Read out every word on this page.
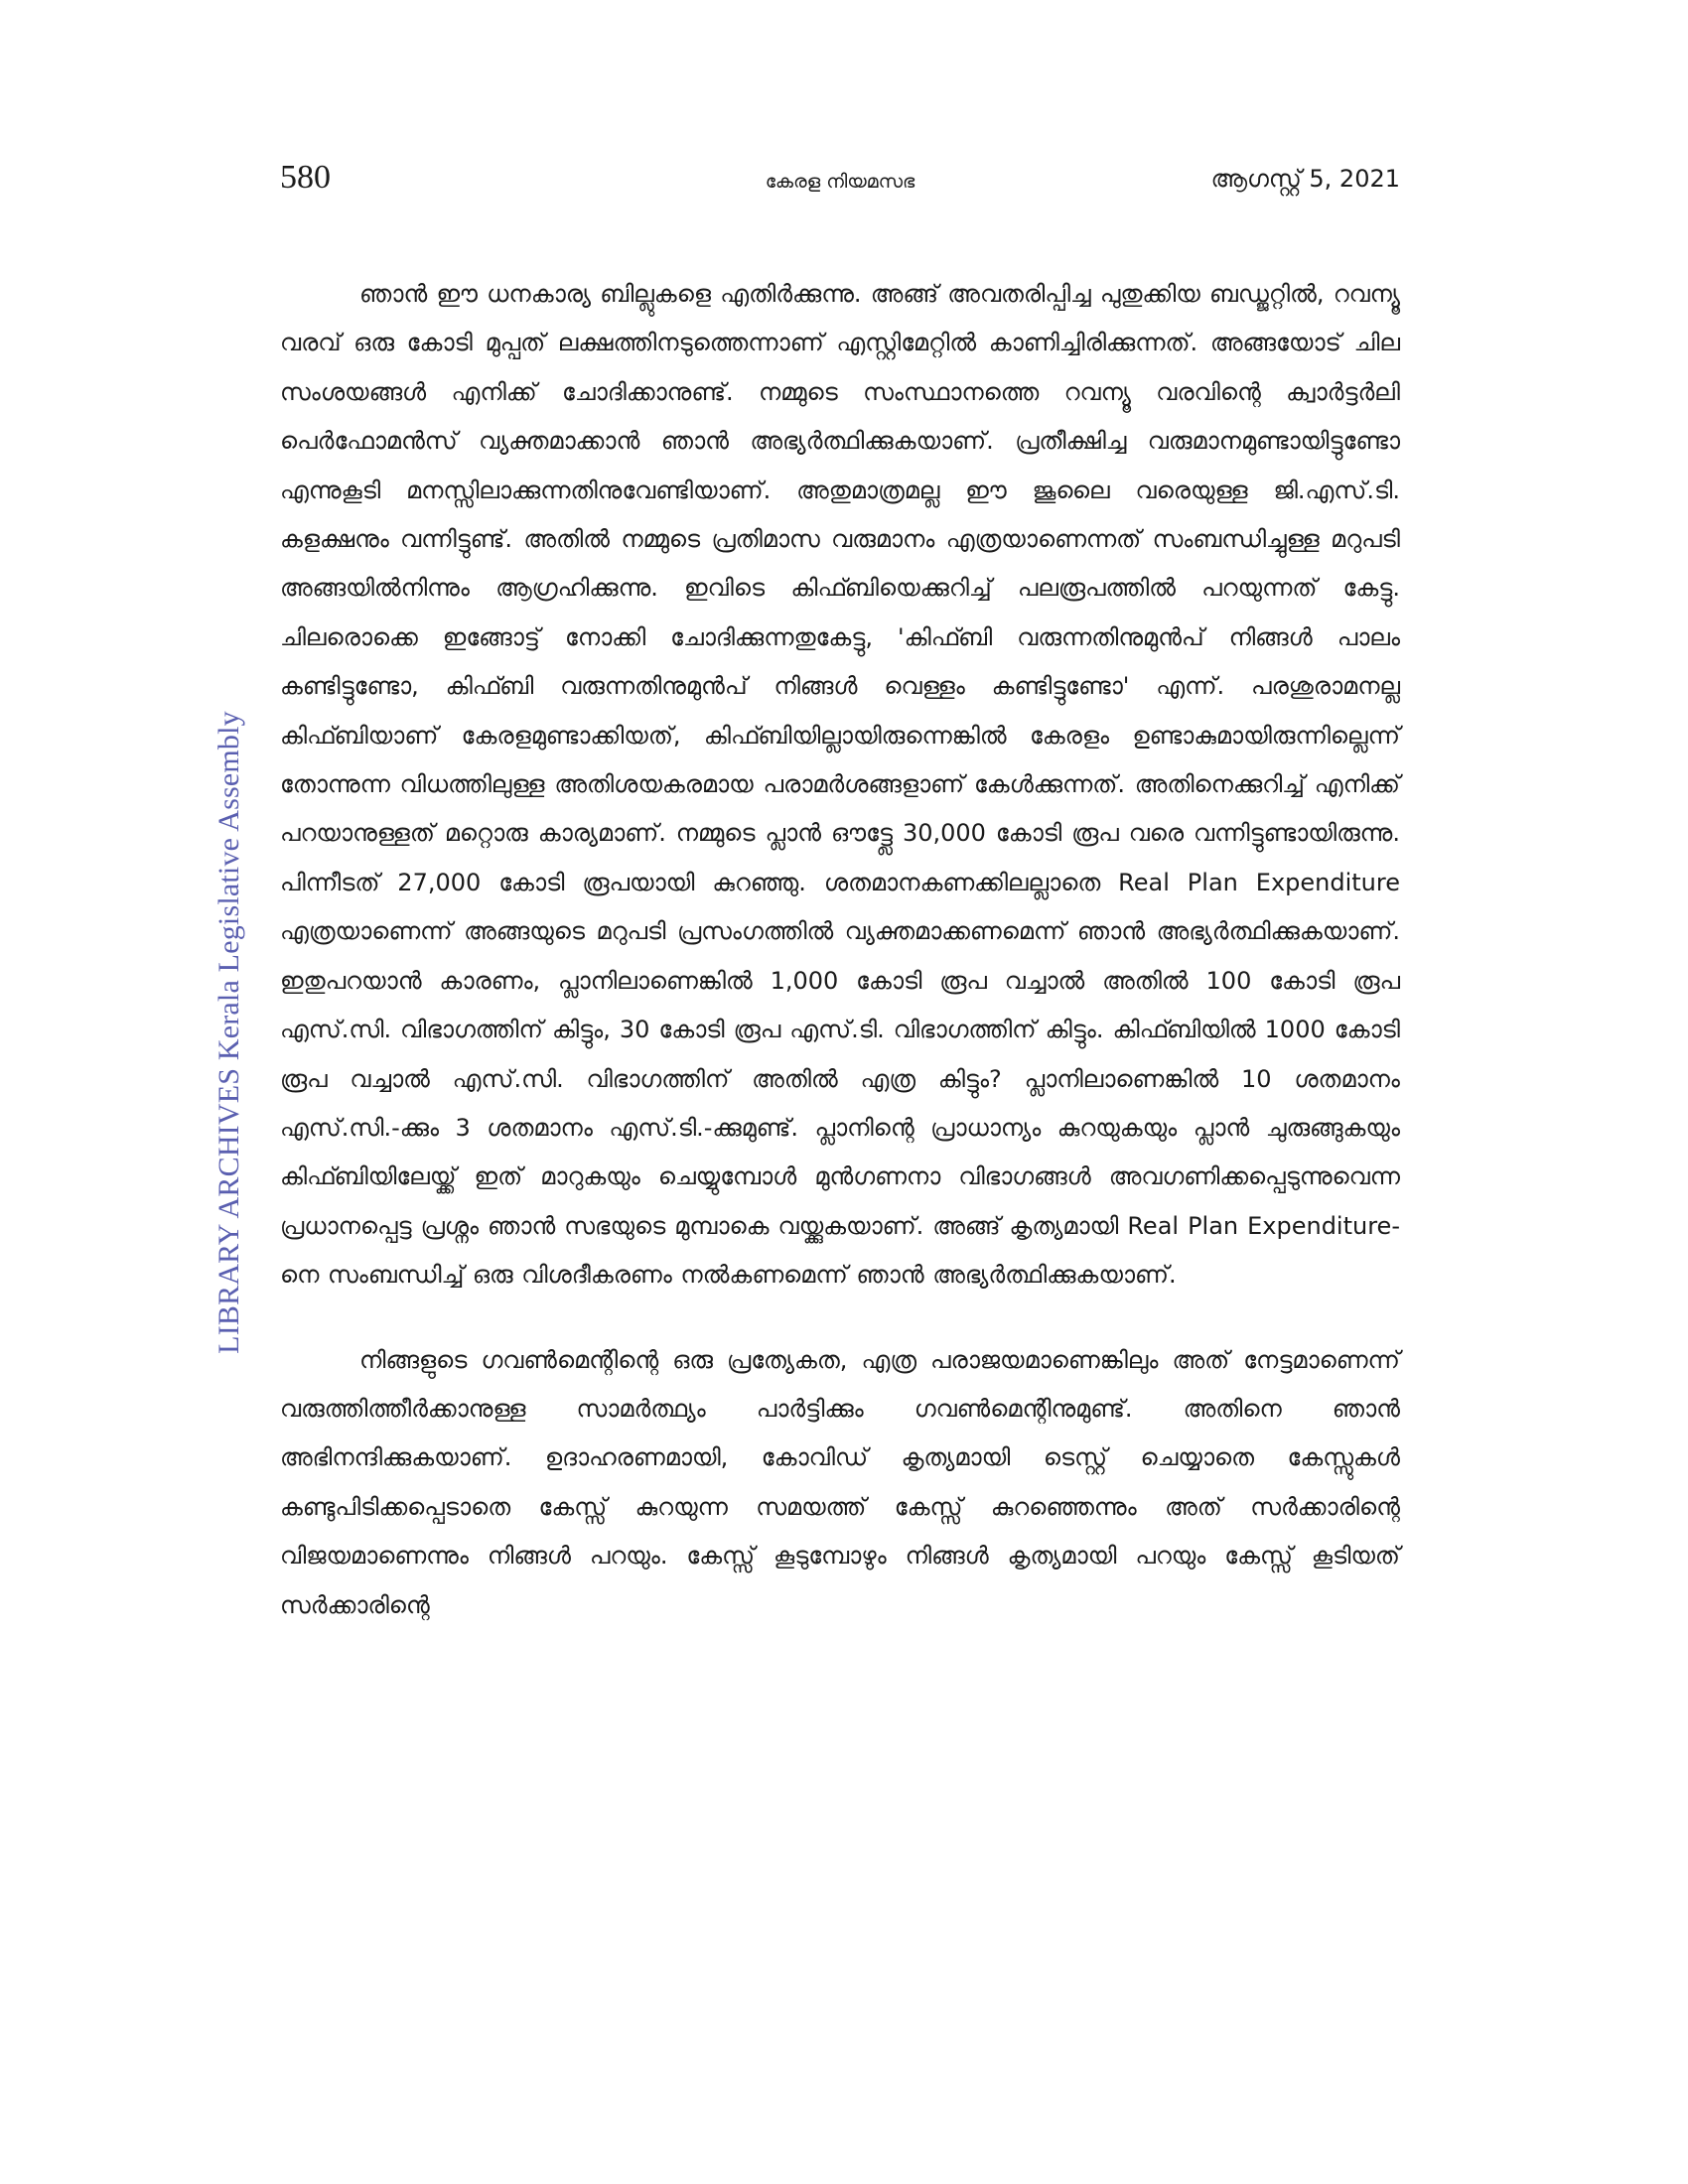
580	കേരള നിയമസഭ	ആഗസ്റ്റ് 5, 2021
LIBRARY ARCHIVES Kerala Legislative Assembly

ഞാൻ ഈ ധനകാര്യ ബില്ലുകളെ എതിർക്കുന്നു. അങ്ങ് അവതരിപ്പിച്ച പുതുക്കിയ ബഡ്ജറ്റിൽ, റവന്യൂ വരവ് ഒരു കോടി മുപ്പത് ലക്ഷത്തിനടുത്തെന്നാണ് എസ്റ്റിമേറ്റിൽ കാണിച്ചിരിക്കുന്നത്. അങ്ങയോട് ചില സംശയങ്ങൾ എനിക്ക് ചോദിക്കാനുണ്ട്. നമ്മുടെ സംസ്ഥാനത്തെ റവന്യൂ വരവിന്റെ ക്വാർട്ടർലി പെർഫോമൻസ് വ്യക്തമാക്കാൻ ഞാൻ അഭ്യർത്ഥിക്കുകയാണ്. പ്രതീക്ഷിച്ച വരുമാനമുണ്ടായിട്ടുണ്ടോ എന്നുകൂടി മനസ്സിലാക്കുന്നതിനുവേണ്ടിയാണ്. അതുമാത്രമല്ല ഈ ജൂലൈ വരെയുള്ള ജി.എസ്.ടി. കളക്ഷനും വന്നിട്ടുണ്ട്. അതിൽ നമ്മുടെ പ്രതിമാസ വരുമാനം എത്രയാണെന്നത് സംബന്ധിച്ചുള്ള മറുപടി അങ്ങയിൽനിന്നും ആഗ്രഹിക്കുന്നു. ഇവിടെ കിഫ്ബിയെക്കുറിച്ച് പലരൂപത്തിൽ പറയുന്നത് കേട്ടു. ചിലരൊക്കെ ഇങ്ങോട്ട് നോക്കി ചോദിക്കുന്നതുകേട്ടു, 'കിഫ്ബി വരുന്നതിനുമുൻപ് നിങ്ങൾ പാലം കണ്ടിട്ടുണ്ടോ, കിഫ്ബി വരുന്നതിനുമുൻപ് നിങ്ങൾ വെള്ളം കണ്ടിട്ടുണ്ടോ' എന്ന്. പരശുരാമനല്ല കിഫ്ബിയാണ് കേരളമുണ്ടാക്കിയത്, കിഫ്ബിയില്ലായിരുന്നെങ്കിൽ കേരളം ഉണ്ടാകുമായിരുന്നില്ലെന്ന് തോന്നുന്ന വിധത്തിലുള്ള അതിശയകരമായ പരാമർശങ്ങളാണ് കേൾക്കുന്നത്. അതിനെക്കുറിച്ച് എനിക്ക് പറയാനുള്ളത് മറ്റൊരു കാര്യമാണ്. നമ്മുടെ പ്ലാൻ ഔട്ട്ലേ 30,000 കോടി രൂപ വരെ വന്നിട്ടുണ്ടായിരുന്നു. പിന്നീടത് 27,000 കോടി രൂപയായി കുറഞ്ഞു. ശതമാനകണക്കിലല്ലാതെ Real Plan Expenditure എത്രയാണെന്ന് അങ്ങയുടെ മറുപടി പ്രസംഗത്തിൽ വ്യക്തമാക്കണമെന്ന് ഞാൻ അഭ്യർത്ഥിക്കുകയാണ്. ഇതുപറയാൻ കാരണം, പ്ലാനിലാണെങ്കിൽ 1,000 കോടി രൂപ വച്ചാൽ അതിൽ 100 കോടി രൂപ എസ്.സി. വിഭാഗത്തിന് കിട്ടും, 30 കോടി രൂപ എസ്.ടി. വിഭാഗത്തിന് കിട്ടും. കിഫ്ബിയിൽ 1000 കോടി രൂപ വച്ചാൽ എസ്.സി. വിഭാഗത്തിന് അതിൽ എത്ര കിട്ടും? പ്ലാനിലാണെങ്കിൽ 10 ശതമാനം എസ്.സി.-ക്കും 3 ശതമാനം എസ്.ടി.-ക്കുമുണ്ട്. പ്ലാനിന്റെ പ്രാധാന്യം കുറയുകയും പ്ലാൻ ചുരുങ്ങുകയും കിഫ്ബിയിലേയ്ക്ക് ഇത് മാറുകയും ചെയ്യുമ്പോൾ മുൻഗണനാ വിഭാഗങ്ങൾ അവഗണിക്കപ്പെടുന്നുവെന്ന പ്രധാനപ്പെട്ട പ്രശ്നം ഞാൻ സഭയുടെ മുമ്പാകെ വയ്ക്കുകയാണ്. അങ്ങ് കൃത്യമായി Real Plan Expenditure-നെ സംബന്ധിച്ച് ഒരു വിശദീകരണം നൽകണമെന്ന് ഞാൻ അഭ്യർത്ഥിക്കുകയാണ്.

നിങ്ങളുടെ ഗവൺമെന്റിന്റെ ഒരു പ്രത്യേകത, എത്ര പരാജയമാണെങ്കിലും അത് നേട്ടമാണെന്ന് വരുത്തിത്തീർക്കാനുള്ള സാമർത്ഥ്യം പാർട്ടിക്കും ഗവൺമെന്റിനുമുണ്ട്. അതിനെ ഞാൻ അഭിനന്ദിക്കുകയാണ്. ഉദാഹരണമായി, കോവിഡ് കൃത്യമായി ടെസ്റ്റ് ചെയ്യാതെ കേസ്സുകൾ കണ്ടുപിടിക്കപ്പെടാതെ കേസ്സ് കുറയുന്ന സമയത്ത് കേസ്സ് കുറഞ്ഞെന്നും അത് സർക്കാരിന്റെ വിജയമാണെന്നും നിങ്ങൾ പറയും. കേസ്സ് കൂടുമ്പോഴും നിങ്ങൾ കൃത്യമായി പറയും കേസ്സ് കൂടിയത് സർക്കാരിന്റെ
